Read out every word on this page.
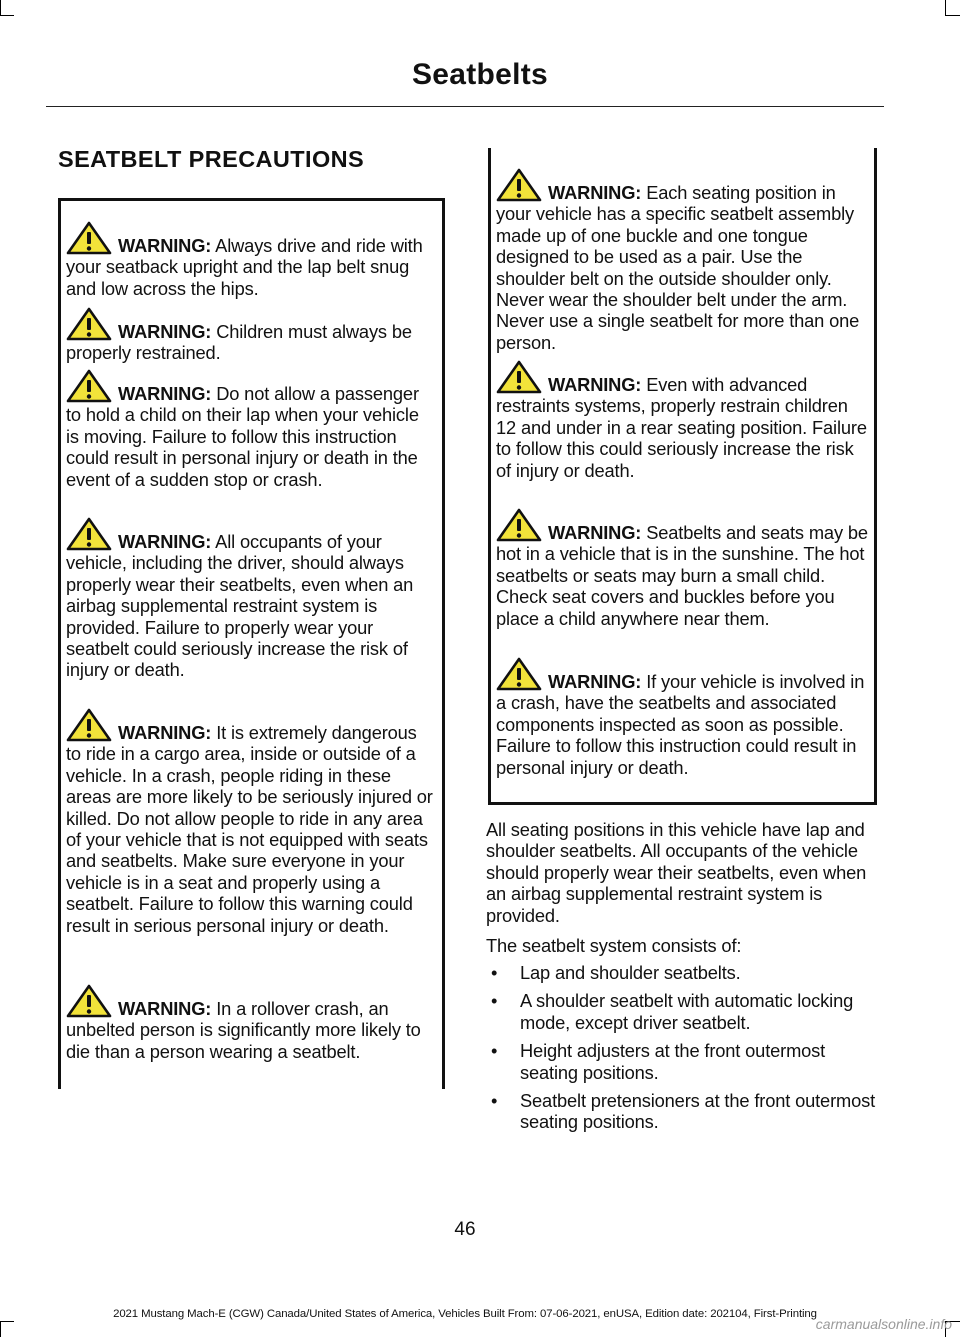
Seatbelts
SEATBELT PRECAUTIONS

WARNING: Always drive and ride with your seatback upright and the lap belt snug and low across the hips.

WARNING: Children must always be properly restrained.

WARNING: Do not allow a passenger to hold a child on their lap when your vehicle is moving. Failure to follow this instruction could result in personal injury or death in the event of a sudden stop or crash.

WARNING: All occupants of your vehicle, including the driver, should always properly wear their seatbelts, even when an airbag supplemental restraint system is provided. Failure to properly wear your seatbelt could seriously increase the risk of injury or death.

WARNING: It is extremely dangerous to ride in a cargo area, inside or outside of a vehicle. In a crash, people riding in these areas are more likely to be seriously injured or killed. Do not allow people to ride in any area of your vehicle that is not equipped with seats and seatbelts. Make sure everyone in your vehicle is in a seat and properly using a seatbelt. Failure to follow this warning could result in serious personal injury or death.

WARNING: In a rollover crash, an unbelted person is significantly more likely to die than a person wearing a seatbelt.

WARNING: Each seating position in your vehicle has a specific seatbelt assembly made up of one buckle and one tongue designed to be used as a pair. Use the shoulder belt on the outside shoulder only. Never wear the shoulder belt under the arm. Never use a single seatbelt for more than one person.

WARNING: Even with advanced restraints systems, properly restrain children 12 and under in a rear seating position. Failure to follow this could seriously increase the risk of injury or death.

WARNING: Seatbelts and seats may be hot in a vehicle that is in the sunshine. The hot seatbelts or seats may burn a small child. Check seat covers and buckles before you place a child anywhere near them.

WARNING: If your vehicle is involved in a crash, have the seatbelts and associated components inspected as soon as possible. Failure to follow this instruction could result in personal injury or death.

All seating positions in this vehicle have lap and shoulder seatbelts. All occupants of the vehicle should properly wear their seatbelts, even when an airbag supplemental restraint system is provided.

The seatbelt system consists of:

• Lap and shoulder seatbelts.
• A shoulder seatbelt with automatic locking mode, except driver seatbelt.
• Height adjusters at the front outermost seating positions.
• Seatbelt pretensioners at the front outermost seating positions.
46
2021 Mustang Mach-E (CGW) Canada/United States of America, Vehicles Built From: 07-06-2021, enUSA, Edition date: 202104, First-Printing
carmanualsonline.info
